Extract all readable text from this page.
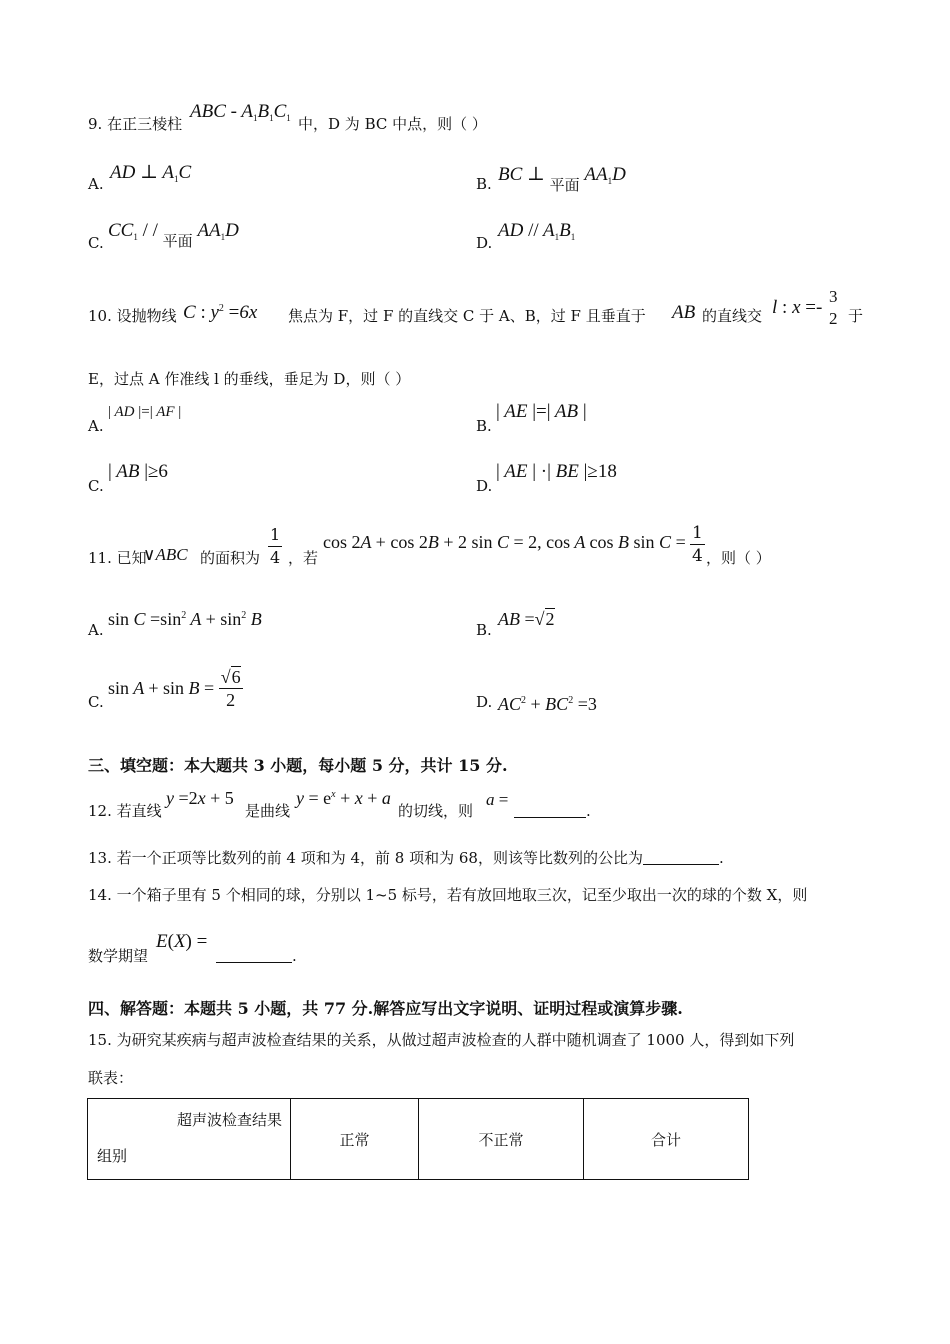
9. 在正三棱柱
ABC - $A_1B_1C_1$ 中，D 为 BC 中点，则（ ）
A.
AD ⊥ $A_1C$
B. BC ⊥ $_{平面}$ $AA_1D$
C.
$CC_1$ / / $_{平面}$ $AA_1D$
D.
AD // $A_1B_1$
10. 设抛物线 C : $y^2 =6x$ 焦点为 F，过 F 的直线交 C 于 A、B，过 F 且垂直于 AB 的直线交 l : x =-
3
2 于
E，过点 A 作准线 l 的垂线，垂足为 D，则（ ）
A.
| AD |=| AF |
B.
| AE |=| AB |
C.
| AB |≥6
D.
| AE | ·| BE |≥18
11. 已知
∨ABC 的面积为 $\frac{1}{4}$ ，若
cos 2A + cos 2B + 2 sin C = 2, cos A cos B $\sin C = \frac{1}{4}$ ，则（ ）
A.
$\sin C =\sin^2$ $A + \sin^2 B$
B.
AB =√2
C.
$\sin A + \sin B = \frac{√6}{2}$	D. $AC^2 + BC^2 =3$
三、填空题：本大题共 3 小题，每小题 5 分，共计 15 分.
12. 若直线
y =2x + 5
是曲线
$y = e^x + x + a$
的切线，则
a =
.
13. 若一个正项等比数列的前 4 项和为 4，前 8 项和为 68，则该等比数列的公比为	.
14. 一个箱子里有 5 个相同的球，分别以 1~5 标号，若有放回地取三次，记至少取出一次的球的个数 X，则
数学期望
E(X) =
.
四、解答题：本题共 5 小题，共 77 分.解答应写出文字说明、证明过程或演算步骤.
15. 为研究某疾病与超声波检查结果的关系，从做过超声波检查的人群中随机调查了 1000 人，得到如下列
联表：
超声波检查结果
组别
	正常	不正常	合计
